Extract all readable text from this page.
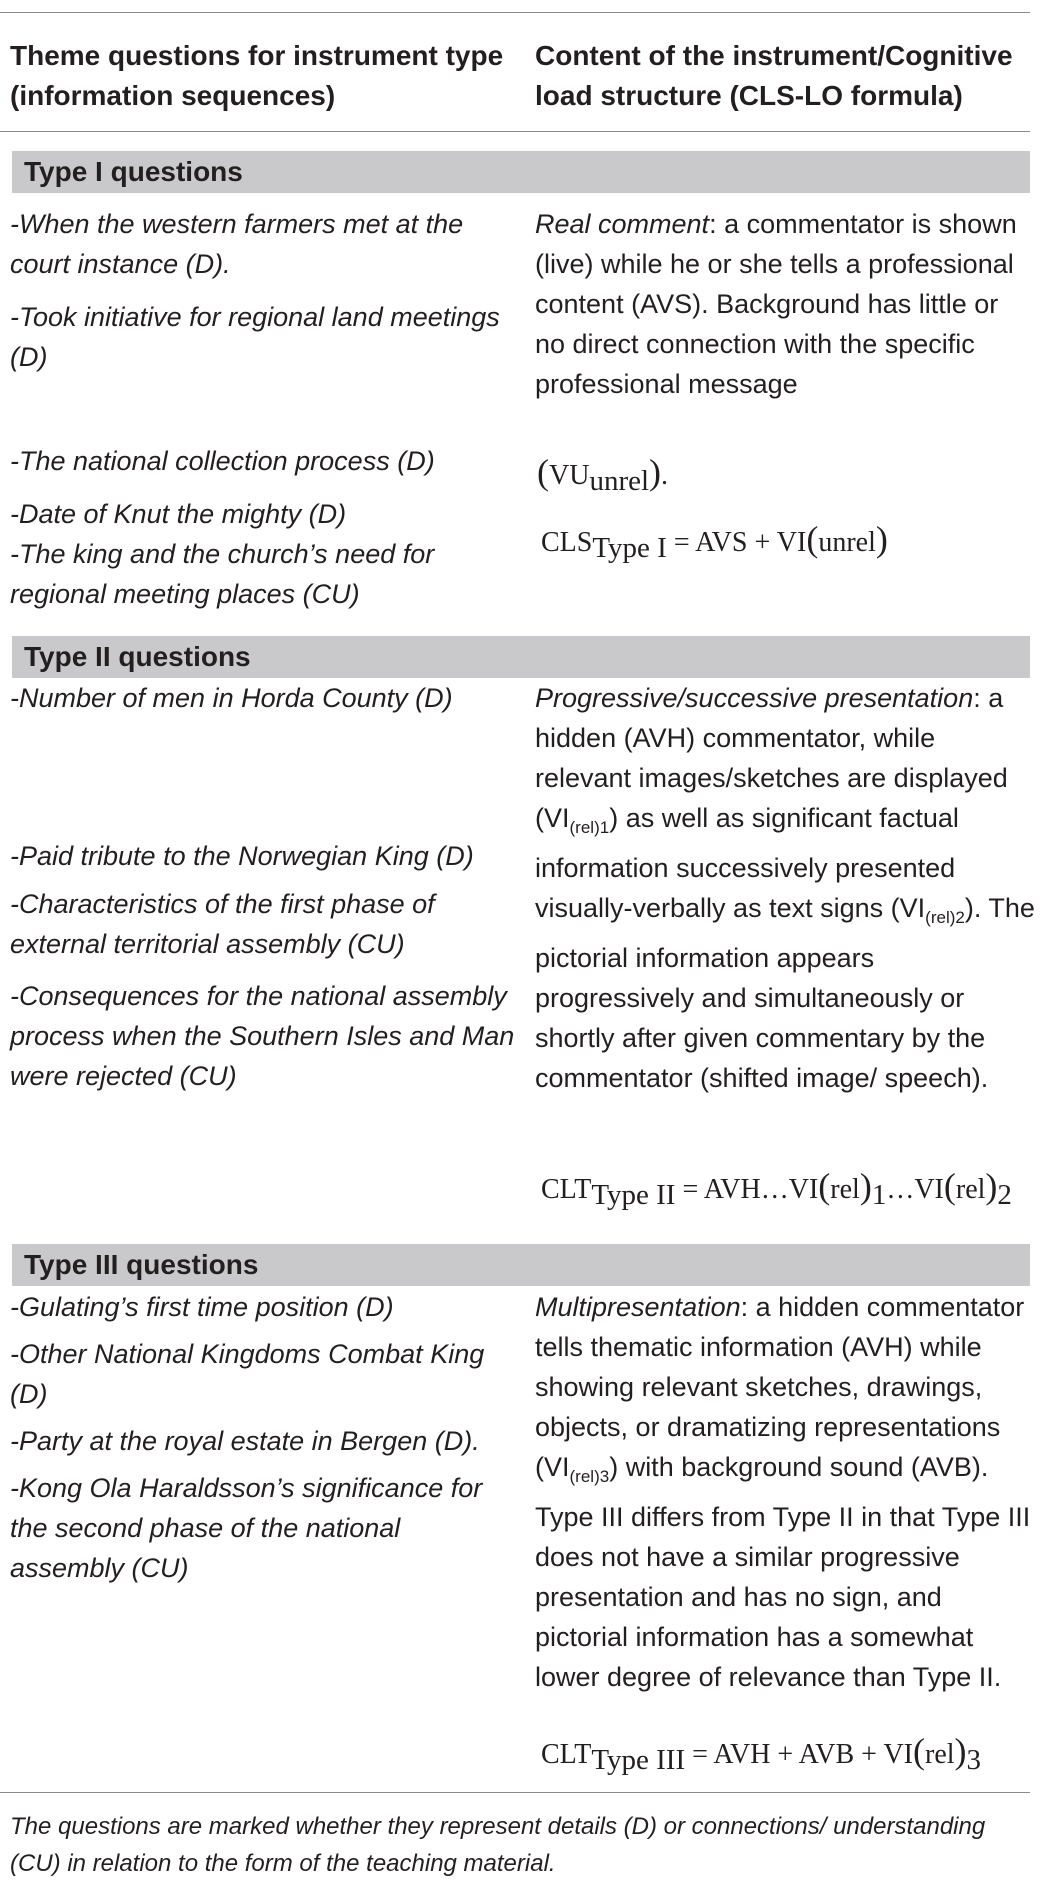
Theme questions for instrument type (information sequences)
Content of the instrument/Cognitive load structure (CLS-LO formula)
Type I questions
-When the western farmers met at the court instance (D).
-Took initiative for regional land meetings (D)
-The national collection process (D)
-Date of Knut the mighty (D)
-The king and the church’s need for regional meeting places (CU)
Real comment: a commentator is shown (live) while he or she tells a professional content (AVS). Background has little or no direct connection with the specific professional message
$(VU_{unrel})$.
$CLS_{Type I}$ = AVS + VI(unrel)
Type II questions
-Number of men in Horda County (D)
-Paid tribute to the Norwegian King (D)
-Characteristics of the first phase of external territorial assembly (CU)
-Consequences for the national assembly process when the Southern Isles and Man were rejected (CU)
Progressive/successive presentation: a hidden (AVH) commentator, while relevant images/sketches are displayed
$(VI_{(rel)1})$ as well as significant factual information successively presented visually-verbally as text signs $(VI_{(rel)2})$. The pictorial information appears progressively and simultaneously or shortly after given commentary by the commentator (shifted image/ speech).
$CLT_{Type II}$ = $AVH\dots VI(rel)_1\dots VI(rel)_2$
Type III questions
-Gulating’s first time position (D)
-Other National Kingdoms Combat King (D)
-Party at the royal estate in Bergen (D).
-Kong Ola Haraldsson’s significance for the second phase of the national assembly (CU)
Multipresentation: a hidden commentator tells thematic information (AVH) while showing relevant sketches, drawings, objects, or dramatizing representations $(VI_{(rel)3})$ with background sound (AVB). Type III differs from Type II in that Type III does not have a similar progressive presentation and has no sign, and pictorial information has a somewhat lower degree of relevance than Type II.
$CLT_{Type III}$ = AVH + AVB + $VI(rel)_3$
The questions are marked whether they represent details (D) or connections/ understanding (CU) in relation to the form of the teaching material.
